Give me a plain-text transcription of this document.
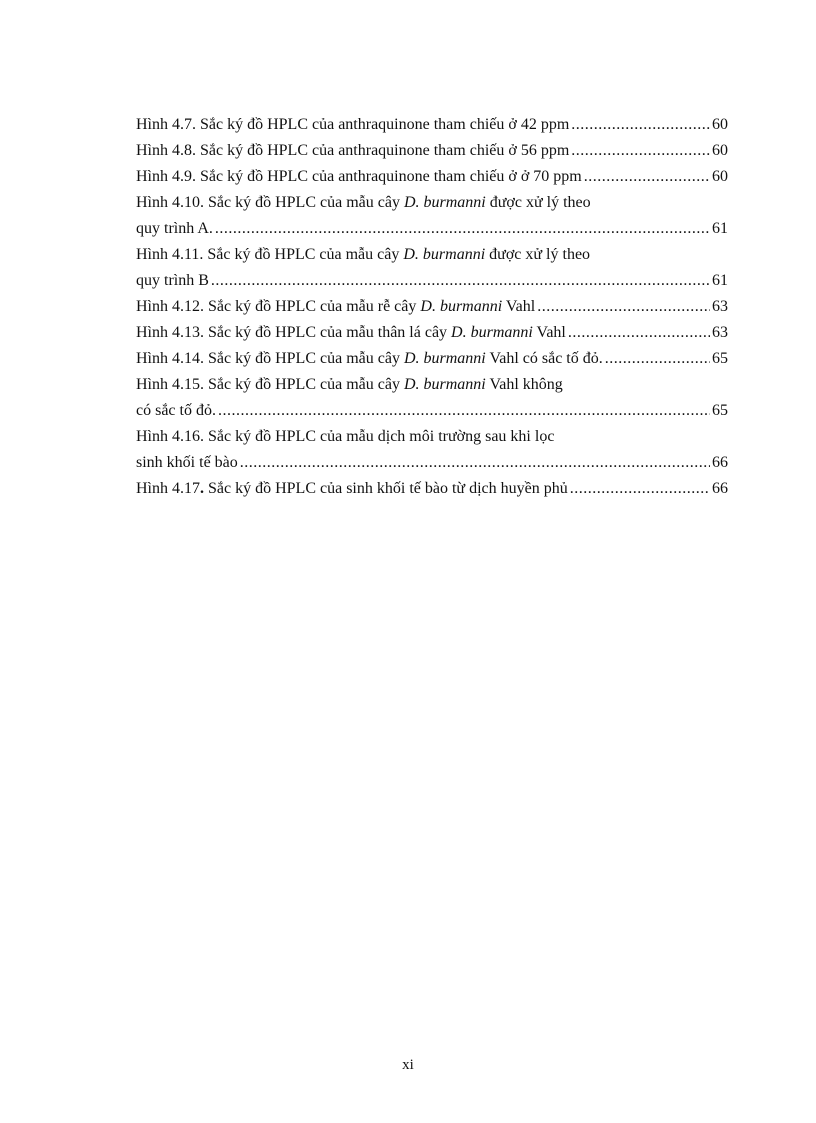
Hình 4.7. Sắc ký đồ HPLC của anthraquinone tham chiếu ở 42 ppm .....	60
Hình 4.8. Sắc ký đồ HPLC của anthraquinone tham chiếu ở 56 ppm .....	60
Hình 4.9. Sắc ký đồ HPLC của anthraquinone tham chiếu ở ở 70 ppm .....	60
Hình 4.10. Sắc ký đồ HPLC của mẫu cây D. burmanni được xử lý theo
quy trình A. .....	61
Hình 4.11. Sắc ký đồ HPLC của mẫu cây D. burmanni được xử lý theo
quy trình B .....	61
Hình 4.12. Sắc ký đồ HPLC của mẫu rễ cây D. burmanni Vahl .....	63
Hình 4.13. Sắc ký đồ HPLC của mẫu thân lá cây D. burmanni Vahl .....	63
Hình 4.14. Sắc ký đồ HPLC của mẫu cây D. burmanni Vahl có sắc tố đỏ. .....	65
Hình 4.15. Sắc ký đồ HPLC của mẫu cây D. burmanni Vahl không
có sắc tố đỏ. .....	65
Hình 4.16. Sắc ký đồ HPLC của mẫu dịch môi trường sau khi lọc
sinh khối tế bào .....	66
Hình 4.17. Sắc ký đồ HPLC của sinh khối tế bào từ dịch huyền phủ .....	66
xi
